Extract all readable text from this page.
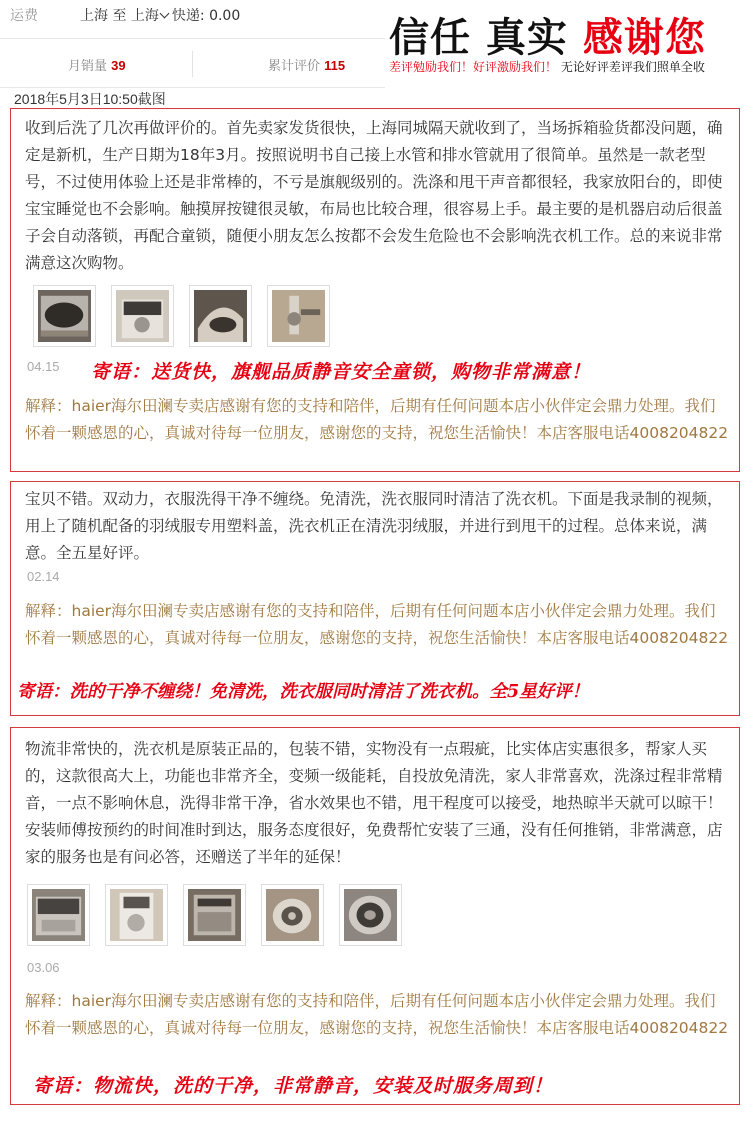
运费	上海 至 上海 快递: 0.00
月销量 39	累计评价 115
信任 真实 感谢您
差评勉励我们！好评激励我们！ 无论好评差评我们照单全收
2018年5月3日10:50截图
收到后洗了几次再做评价的。首先卖家发货很快，上海同城隔天就收到了，当场拆箱验货都没问题，确定是新机，生产日期为18年3月。按照说明书自己接上水管和排水管就用了很简单。虽然是一款老型号，不过使用体验上还是非常棒的，不亏是旗舰级别的。洗涤和甩干声音都很轻，我家放阳台的，即使宝宝睡觉也不会影响。触摸屏按键很灵敏，布局也比较合理，很容易上手。最主要的是机器启动后很盖子会自动落锁，再配合童锁，随便小朋友怎么按都不会发生危险也不会影响洗衣机工作。总的来说非常满意这次购物。
04.15 寄语：送货快，旗舰品质静音安全童锁，购物非常满意！
解释：haier海尔田澜专卖店感谢有您的支持和陪伴，后期有任何问题本店小伙伴定会鼎力处理。我们怀着一颗感恩的心，真诚对待每一位朋友，感谢您的支持，祝您生活愉快！本店客服电话4008204822
宝贝不错。双动力，衣服洗得干净不缠绕。免清洗，洗衣服同时清洁了洗衣机。下面是我录制的视频，用上了随机配备的羽绒服专用塑料盖，洗衣机正在清洗羽绒服，并进行到甩干的过程。总体来说，满意。全五星好评。
02.14
解释：haier海尔田澜专卖店感谢有您的支持和陪伴，后期有任何问题本店小伙伴定会鼎力处理。我们怀着一颗感恩的心，真诚对待每一位朋友，感谢您的支持，祝您生活愉快！本店客服电话4008204822
寄语：洗的干净不缠绕！免清洗，洗衣服同时清洁了洗衣机。全5星好评！
物流非常快的，洗衣机是原装正品的，包装不错，实物没有一点瑕疵，比实体店实惠很多，帮家人买的，这款很高大上，功能也非常齐全，变频一级能耗，自投放免清洗，家人非常喜欢，洗涤过程非常精音，一点不影响休息，洗得非常干净，省水效果也不错，甩干程度可以接受，地热晾半天就可以晾干！ 安装师傅按预约的时间准时到达，服务态度很好，免费帮忙安装了三通，没有任何推销，非常满意，店家的服务也是有问必答，还赠送了半年的延保！
03.06
解释：haier海尔田澜专卖店感谢有您的支持和陪伴，后期有任何问题本店小伙伴定会鼎力处理。我们怀着一颗感恩的心，真诚对待每一位朋友，感谢您的支持，祝您生活愉快！本店客服电话4008204822
寄语：物流快，洗的干净，非常静音，安装及时服务周到！
